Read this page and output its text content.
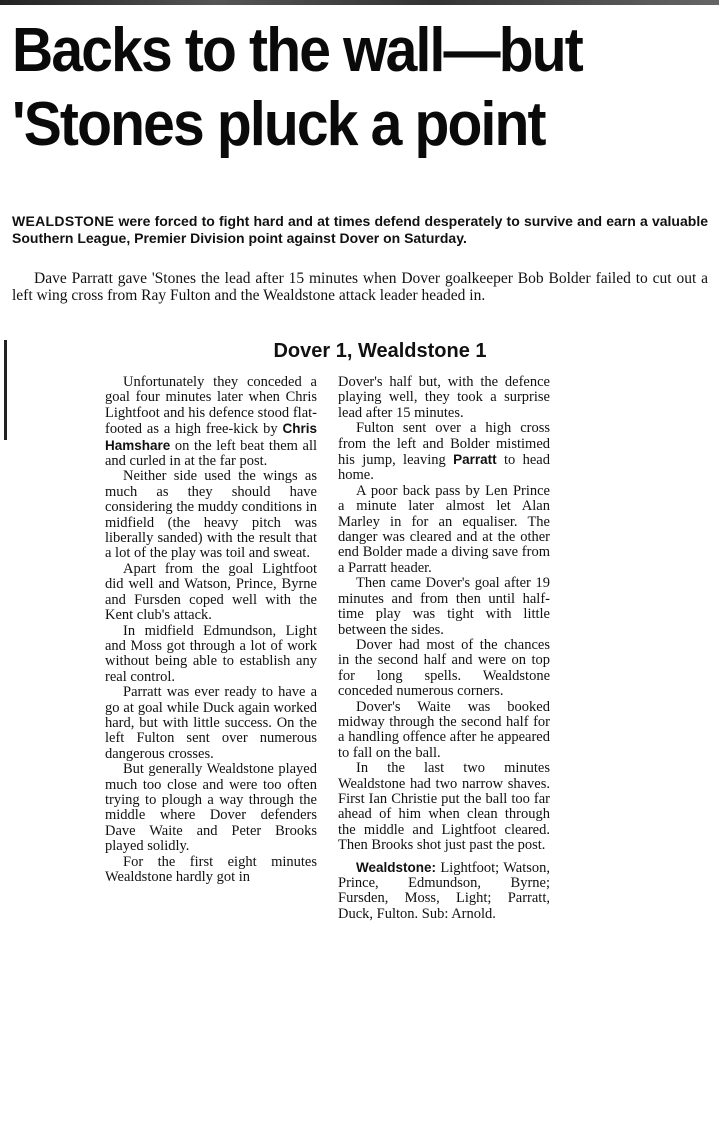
Backs to the wall—but
'Stones pluck a point

WEALDSTONE were forced to fight hard and at times defend desperately to survive and earn a valuable Southern League, Premier Division point against Dover on Saturday.

Dave Parratt gave 'Stones the lead after 15 minutes when Dover goalkeeper Bob Bolder failed to cut out a left wing cross from Ray Fulton and the Wealdstone attack leader headed in.

Dover 1, Wealdstone 1

Unfortunately they conceded a goal four minutes later when Chris Lightfoot and his defence stood flat-footed as a high free-kick by Chris Hamshare on the left beat them all and curled in at the far post.

Neither side used the wings as much as they should have considering the muddy conditions in midfield (the heavy pitch was liberally sanded) with the result that a lot of the play was toil and sweat.

Apart from the goal Lightfoot did well and Watson, Prince, Byrne and Fursden coped well with the Kent club's attack.

In midfield Edmundson, Light and Moss got through a lot of work without being able to establish any real control.

Parratt was ever ready to have a go at goal while Duck again worked hard, but with little success. On the left Fulton sent over numerous dangerous crosses.

But generally Wealdstone played much too close and were too often trying to plough a way through the middle where Dover defenders Dave Waite and Peter Brooks played solidly.

For the first eight minutes Wealdstone hardly got in

Dover's half but, with the defence playing well, they took a surprise lead after 15 minutes.

Fulton sent over a high cross from the left and Bolder mistimed his jump, leaving Parratt to head home.

A poor back pass by Len Prince a minute later almost let Alan Marley in for an equaliser. The danger was cleared and at the other end Bolder made a diving save from a Parratt header.

Then came Dover's goal after 19 minutes and from then until half-time play was tight with little between the sides.

Dover had most of the chances in the second half and were on top for long spells. Wealdstone conceded numerous corners.

Dover's Waite was booked midway through the second half for a handling offence after he appeared to fall on the ball.

In the last two minutes Wealdstone had two narrow shaves. First Ian Christie put the ball too far ahead of him when clean through the middle and Lightfoot cleared. Then Brooks shot just past the post.

Wealdstone: Lightfoot; Watson, Prince, Edmundson, Byrne; Fursden, Moss, Light; Parratt, Duck, Fulton. Sub: Arnold.
